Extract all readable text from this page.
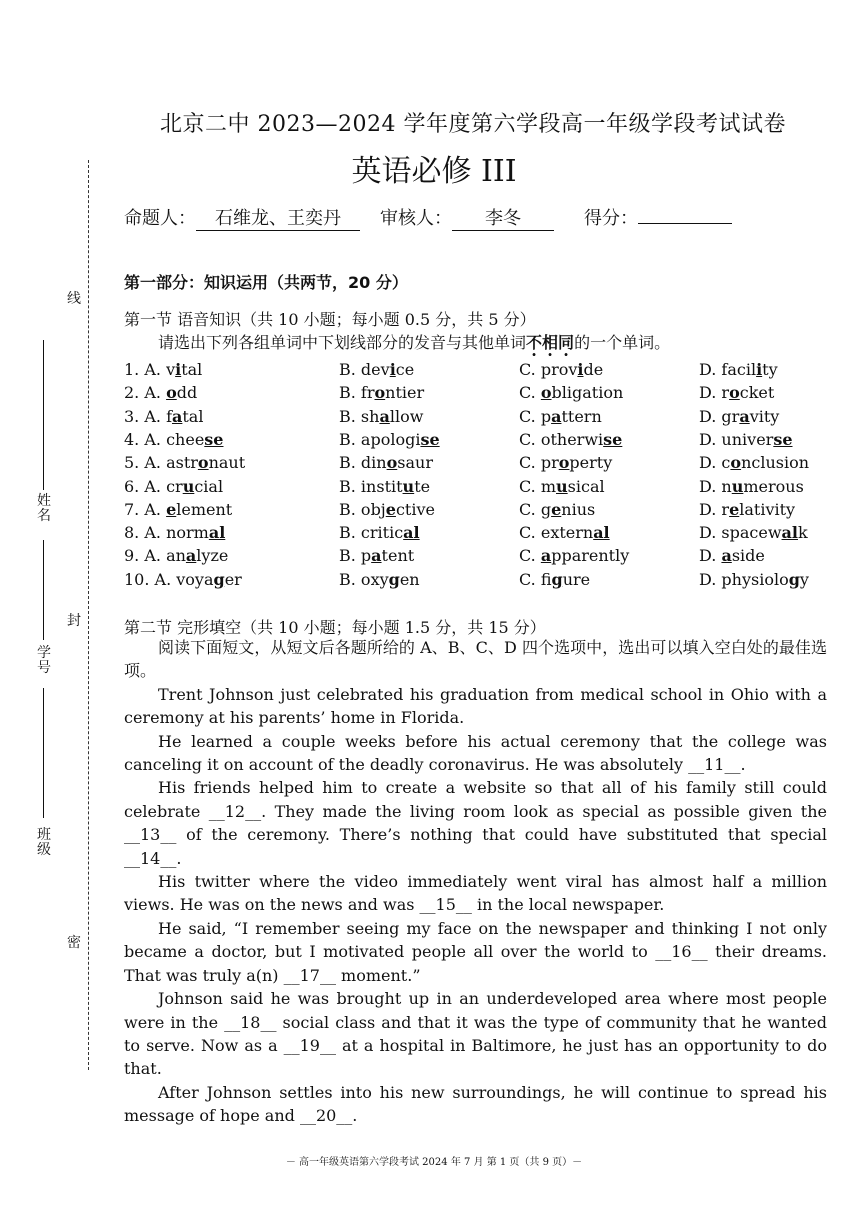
线
封
密
姓名
学号
班级
北京二中 2023—2024 学年度第六学段高一年级学段考试试卷
英语必修 III
命题人： 石维龙、王奕丹	审核人： 李冬	得分：
第一部分：知识运用（共两节，20 分）
第一节 语音知识（共 10 小题；每小题 0.5 分，共 5 分）
请选出下列各组单词中下划线部分的发音与其他单词不相同的一个单词。
1. A. vital	B. device	C. provide	D. facility
2. A. odd	B. frontier	C. obligation	D. rocket
3. A. fatal	B. shallow	C. pattern	D. gravity
4. A. cheese	B. apologise	C. otherwise	D. universe
5. A. astronaut	B. dinosaur	C. property	D. conclusion
6. A. crucial	B. institute	C. musical	D. numerous
7. A. element	B. objective	C. genius	D. relativity
8. A. normal	B. critical	C. external	D. spacewalk
9. A. analyze	B. patent	C. apparently	D. aside
10. A. voyager	B. oxygen	C. figure	D. physiology
第二节 完形填空（共 10 小题；每小题 1.5 分，共 15 分）

阅读下面短文，从短文后各题所给的 A、B、C、D 四个选项中，选出可以填入空白处的最佳选项。

Trent Johnson just celebrated his graduation from medical school in Ohio with a ceremony at his parents’ home in Florida.

He learned a couple weeks before his actual ceremony that the college was canceling it on account of the deadly coronavirus. He was absolutely __11__.

His friends helped him to create a website so that all of his family still could celebrate __12__. They made the living room look as special as possible given the __13__ of the ceremony. There’s nothing that could have substituted that special __14__.

His twitter where the video immediately went viral has almost half a million views. He was on the news and was __15__ in the local newspaper.

He said, “I remember seeing my face on the newspaper and thinking I not only became a doctor, but I motivated people all over the world to __16__ their dreams. That was truly a(n) __17__ moment.”

Johnson said he was brought up in an underdeveloped area where most people were in the __18__ social class and that it was the type of community that he wanted to serve. Now as a __19__ at a hospital in Baltimore, he just has an opportunity to do that.

After Johnson settles into his new surroundings, he will continue to spread his message of hope and __20__.

－ 高一年级英语第六学段考试 2024 年 7 月 第 1 页（共 9 页）－
